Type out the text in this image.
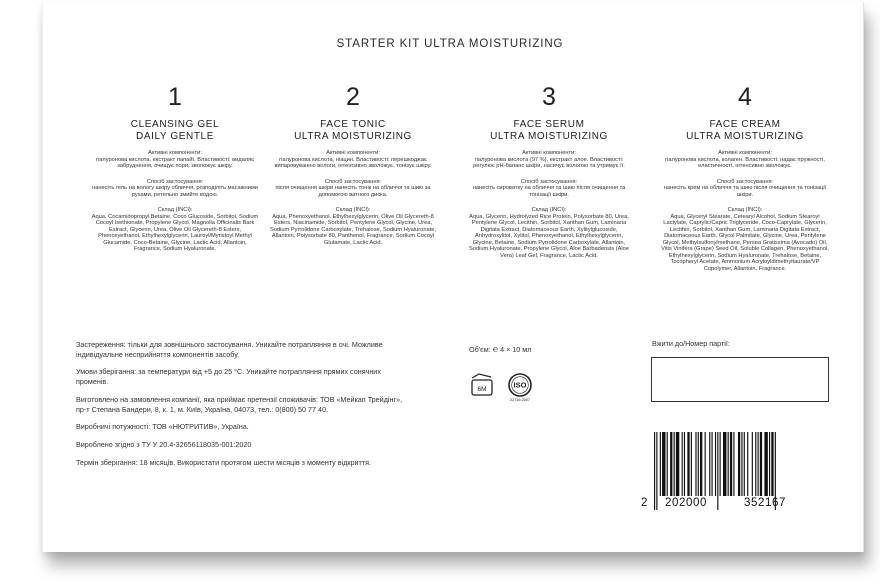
STARTER KIT ULTRA MOISTURIZING
1
CLEANSING GEL
DAILY GENTLE
Активні компоненти:
гіалуронова кислота, екстракт папайї. Властивості: видаляє забруднення, очищує пори, зволожує шкіру.
Спосіб застосування:
нанесіть гель на вологу шкіру обличчя, розподіліть масажними рухами, ретельно змийте водою.
Склад (INCI):
Aqua, Cocamidopropyl Betaine, Coco Glucoside, Sorbitol, Sodium Cocoyl Isethionate, Propylene Glycol, Magnolia Officinalis Bark Extract, Glycerin, Urea, Olive Oil Glycereth-8 Esters, Phenoxyethanol, Ethylhexylglycerin, Lauroyl/Myristoyl Methyl Glucamide, Coco-Betaine, Glycine, Lactic Acid, Allantoin, Fragrance, Sodium Hyaluronate.
2
FACE TONIC
ULTRA MOISTURIZING
Активні компоненти:
гіалуронова кислота, ніацин. Властивості: перешкоджає випаровуванню вологи, інтенсивно зволожує, тонізує шкіру.
Спосіб застосування:
після очищення шкіри нанесіть тонік на обличчя та шию за допомогою ватного диска.
Склад (INCI):
Aqua, Phenoxyethanol, Ethylhexylglycerin, Olive Oil Glycereth-8 Esters, Niacinamide, Sorbitol, Pentylene Glycol, Glycine, Urea, Sodium Pyrrolidone Carboxylate, Trehalose, Sodium Hyaluronate, Allantoin, Polysorbate 80, Panthenol, Fragrance, Sodium Cocoyl Glutamate, Lactic Acid.
3
FACE SERUM
ULTRA MOISTURIZING
Активні компоненти:
гіалуронова кислота (97 %), екстракт алое. Властивості: регулює pH-баланс шкіри, насичує вологою та утримує її.
Спосіб застосування:
нанесіть сироватку на обличчя та шию після очищення та тонізації шкіри.
Склад (INCI):
Aqua, Glycerin, Hydrolyzed Rice Protein, Polysorbate 80, Urea, Pentylene Glycol, Lecithin, Sorbitol, Xanthan Gum, Laminaria Digitata Extract, Diatomaceous Earth, Xylitylglucoside, Anhydroxylitol, Xylitol, Phenoxyethanol, Ethylhexylglycerin, Glycine, Betaine, Sodium Pyrrolidone Carboxylate, Allantoin, Sodium Hyaluronate, Propylene Glycol, Aloe Barbadensis (Aloe Vera) Leaf Gel, Fragrance, Lactic Acid.
4
FACE CREAM
ULTRA MOISTURIZING
Активні компоненти:
гіалуронова кислота, колаген. Властивості: надає пружності, еластичності, інтенсивно зволожує.
Спосіб застосування:
нанесіть крем на обличчя та шию після очищення та тонізації шкіри.
Склад (INCI):
Aqua, Glyceryl Stearate, Cetearyl Alcohol, Sodium Stearoyl Lactylate, Caprylic/Capric Triglyceride, Coco-Caprylate, Glycerin, Lecithin, Sorbitol, Xanthan Gum, Laminaria Digitata Extract, Diatomaceous Earth, Glycol Palmitate, Glycine, Urea, Pentylene Glycol, Methylsulfonylmethane, Persea Gratissima (Avocado) Oil, Vitis Vinifera (Grape) Seed Oil, Soluble Collagen, Phenoxyethanol, Ethylhexylglycerin, Sodium Hyaluronate, Trehalose, Betaine, Tocopheryl Acetate, Ammonium Acryloyldimethyltaurate/VP Copolymer, Allantoin, Fragrance.

Застереження: тільки для зовнішнього застосування. Уникайте потрапляння в очі. Можливе індивідуальне несприйняття компонентів засобу.

Умови зберігання: за температури від +5 до 25 °С. Уникайте потрапляння прямих сонячних променів.

Виготовлено на замовлення компанії, яка приймає претензії споживачів: ТОВ «Мейкап Трейдінг», пр-т Степана Бандери, 8, к. 1, м. Київ, Україна, 04073, тел.: 0(800) 50 77 40.

Виробничі потужності: ТОВ «НЮТРИТИВ», Україна.

Вироблено згідно з ТУ У 20.4-32656118035-001:2020

Термін зберігання: 18 місяців. Використати протягом шести місяців з моменту відкриття.

Об'єм: ℮ 4 × 10 мл
6M	ISO
22716:2007
Вжити до/Номер партії:
2 202000	352167
